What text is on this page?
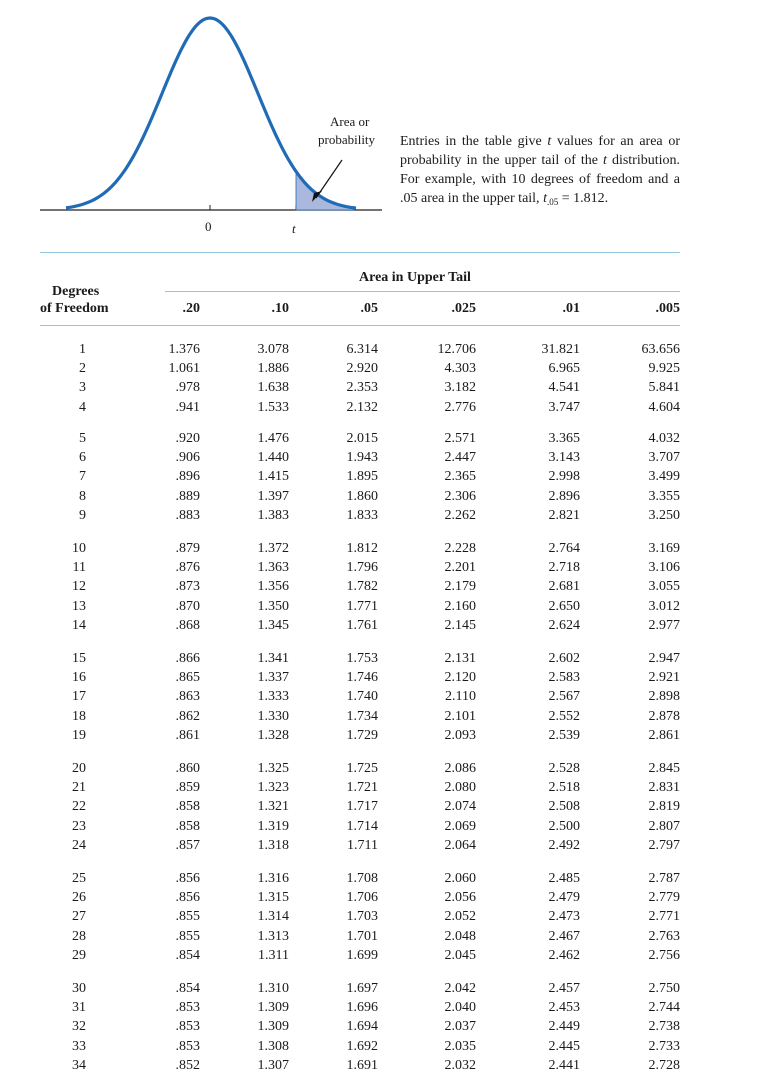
Area or
probability
0	t
Entries in the table give t values for an area or probability in the upper tail of the t distribution. For example, with 10 degrees of freedom and a .05 area in the upper tail, $t_{.05} = 1.812$.
Area in Upper Tail
Degrees
of Freedom	.20	.10	.05	.025	.01	.005
1	1.376	3.078	6.314	12.706	31.821	63.656
2	1.061	1.886	2.920	4.303	6.965	9.925
3	.978	1.638	2.353	3.182	4.541	5.841
4	.941	1.533	2.132	2.776	3.747	4.604
5	.920	1.476	2.015	2.571	3.365	4.032
6	.906	1.440	1.943	2.447	3.143	3.707
7	.896	1.415	1.895	2.365	2.998	3.499
8	.889	1.397	1.860	2.306	2.896	3.355
9	.883	1.383	1.833	2.262	2.821	3.250
10	.879	1.372	1.812	2.228	2.764	3.169
11	.876	1.363	1.796	2.201	2.718	3.106
12	.873	1.356	1.782	2.179	2.681	3.055
13	.870	1.350	1.771	2.160	2.650	3.012
14	.868	1.345	1.761	2.145	2.624	2.977
15	.866	1.341	1.753	2.131	2.602	2.947
16	.865	1.337	1.746	2.120	2.583	2.921
17	.863	1.333	1.740	2.110	2.567	2.898
18	.862	1.330	1.734	2.101	2.552	2.878
19	.861	1.328	1.729	2.093	2.539	2.861
20	.860	1.325	1.725	2.086	2.528	2.845
21	.859	1.323	1.721	2.080	2.518	2.831
22	.858	1.321	1.717	2.074	2.508	2.819
23	.858	1.319	1.714	2.069	2.500	2.807
24	.857	1.318	1.711	2.064	2.492	2.797
25	.856	1.316	1.708	2.060	2.485	2.787
26	.856	1.315	1.706	2.056	2.479	2.779
27	.855	1.314	1.703	2.052	2.473	2.771
28	.855	1.313	1.701	2.048	2.467	2.763
29	.854	1.311	1.699	2.045	2.462	2.756
30	.854	1.310	1.697	2.042	2.457	2.750
31	.853	1.309	1.696	2.040	2.453	2.744
32	.853	1.309	1.694	2.037	2.449	2.738
33	.853	1.308	1.692	2.035	2.445	2.733
34	.852	1.307	1.691	2.032	2.441	2.728
